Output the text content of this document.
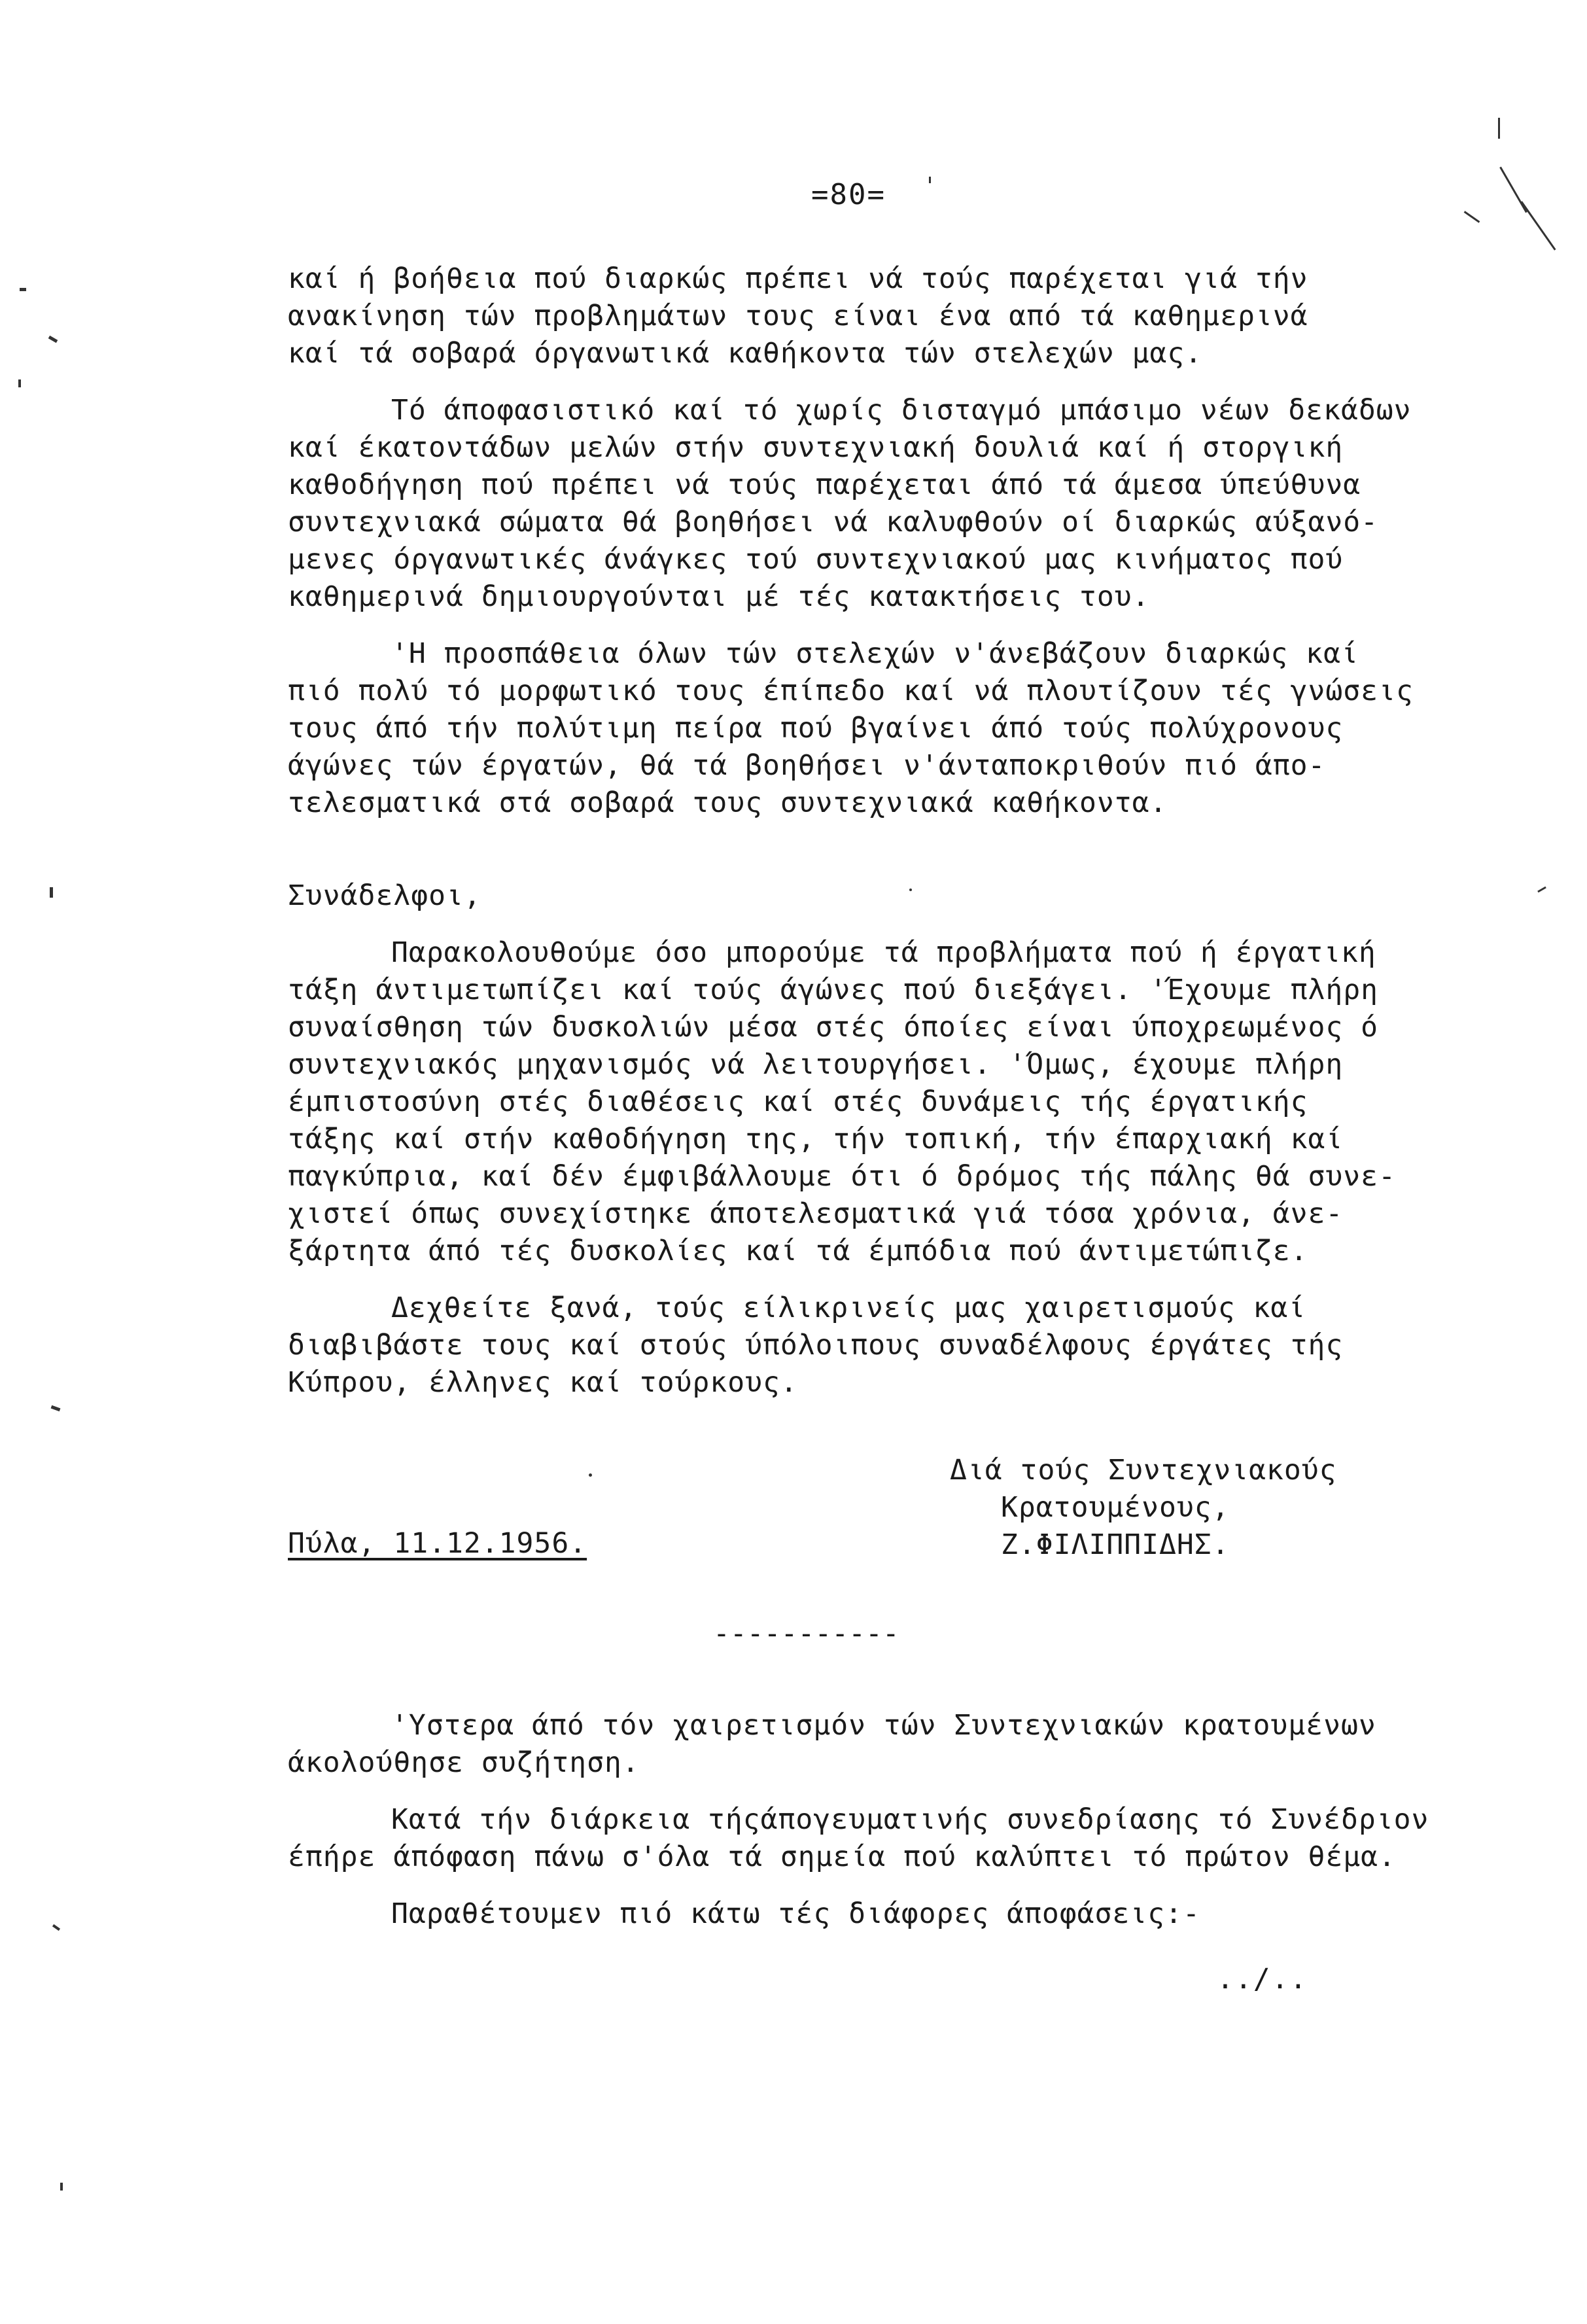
=80=
καί ή βοήθεια πού διαρκώς πρέπει νά τούς παρέχεται γιά τήν
ανακίνηση τών προβλημάτων τους είναι ένα από τά καθημερινά
καί τά σοβαρά όργανωτικά καθήκοντα τών στελεχών μας.
Τό άποφασιστικό καί τό χωρίς δισταγμό μπάσιμο νέων δεκάδων
καί έκατοντάδων μελών στήν συντεχνιακή δουλιά καί ή στοργική
καθοδήγηση πού πρέπει νά τούς παρέχεται άπό τά άμεσα ύπεύθυνα
συντεχνιακά σώματα θά βοηθήσει νά καλυφθούν οί διαρκώς αύξανό-
μενες όργανωτικές άνάγκες τού συντεχνιακού μας κινήματος πού
καθημερινά δημιουργούνται μέ τές κατακτήσεις του.
'Η προσπάθεια όλων τών στελεχών ν'άνεβάζουν διαρκώς καί
πιό πολύ τό μορφωτικό τους έπίπεδο καί νά πλουτίζουν τές γνώσεις
τους άπό τήν πολύτιμη πείρα πού βγαίνει άπό τούς πολύχρονους
άγώνες τών έργατών, θά τά βοηθήσει ν'άνταποκριθούν πιό άπο-
τελεσματικά στά σοβαρά τους συντεχνιακά καθήκοντα.
Συνάδελφοι,
Παρακολουθούμε όσο μπορούμε τά προβλήματα πού ή έργατική
τάξη άντιμετωπίζει καί τούς άγώνες πού διεξάγει. 'Έχουμε πλήρη
συναίσθηση τών δυσκολιών μέσα στές όποίες είναι ύποχρεωμένος ό
συντεχνιακός μηχανισμός νά λειτουργήσει. 'Όμως, έχουμε πλήρη
έμπιστοσύνη στές διαθέσεις καί στές δυνάμεις τής έργατικής
τάξης καί στήν καθοδήγηση της, τήν τοπική, τήν έπαρχιακή καί
παγκύπρια, καί δέν έμφιβάλλουμε ότι ό δρόμος τής πάλης θά συνε-
χιστεί όπως συνεχίστηκε άποτελεσματικά γιά τόσα χρόνια, άνε-
ξάρτητα άπό τές δυσκολίες καί τά έμπόδια πού άντιμετώπιζε.
Δεχθείτε ξανά, τούς είλικρινείς μας χαιρετισμούς καί
διαβιβάστε τους καί στούς ύπόλοιπους συναδέλφους έργάτες τής
Κύπρου, έλληνες καί τούρκους.
Διά τούς Συντεχνιακούς
Κρατουμένους,
Ζ.ΦΙΛΙΠΠΙΔΗΣ.
Πύλα, 11.12.1956.
-----------
'Υστερα άπό τόν χαιρετισμόν τών Συντεχνιακών κρατουμένων
άκολούθησε συζήτηση.
Κατά τήν διάρκεια τήςάπογευματινής συνεδρίασης τό Συνέδριον
έπήρε άπόφαση πάνω σ'όλα τά σημεία πού καλύπτει τό πρώτον θέμα.
Παραθέτουμεν πιό κάτω τές διάφορες άποφάσεις:-
../..
